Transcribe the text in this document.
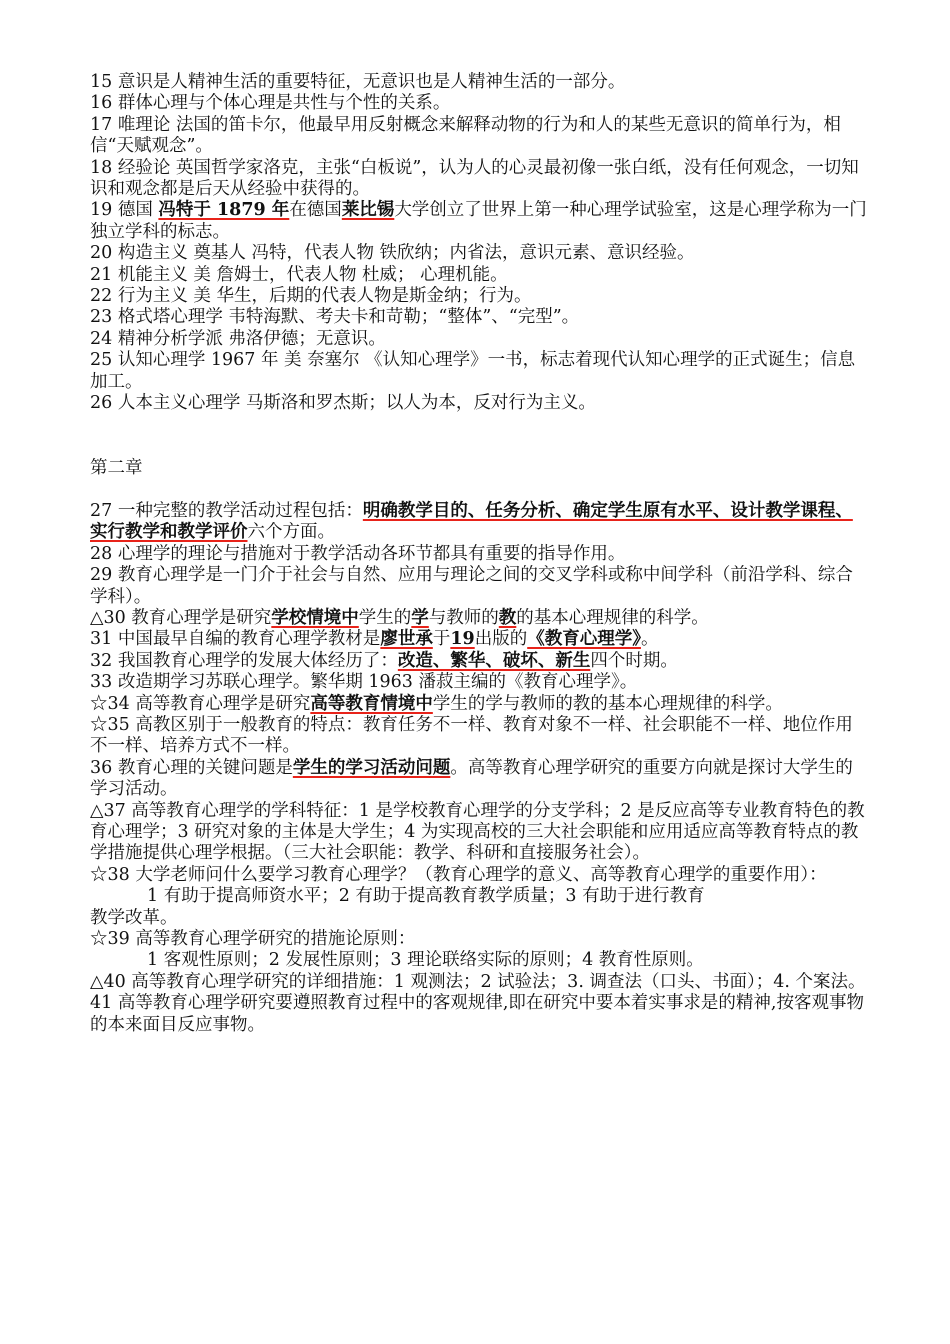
15 意识是人精神生活的重要特征，无意识也是人精神生活的一部分。

16 群体心理与个体心理是共性与个性的关系。

17 唯理论 法国的笛卡尔，他最早用反射概念来解释动物的行为和人的某些无意识的简单行为，相信“天赋观念”。

18 经验论 英国哲学家洛克，主张“白板说”，认为人的心灵最初像一张白纸，没有任何观念，一切知识和观念都是后天从经验中获得的。

19 德国 冯特于 1879 年在德国莱比锡大学创立了世界上第一种心理学试验室，这是心理学称为一门独立学科的标志。

20 构造主义 奠基人 冯特，代表人物 铁欣纳；内省法，意识元素、意识经验。

21 机能主义 美 詹姆士，代表人物 杜威； 心理机能。

22 行为主义 美 华生，后期的代表人物是斯金纳；行为。

23 格式塔心理学 韦特海默、考夫卡和苛勒；“整体”、“完型”。

24 精神分析学派 弗洛伊德；无意识。

25 认知心理学 1967 年 美 奈塞尔 《认知心理学》一书，标志着现代认知心理学的正式诞生；信息加工。

26 人本主义心理学 马斯洛和罗杰斯；以人为本，反对行为主义。

第二章

27 一种完整的教学活动过程包括：明确教学目的、任务分析、确定学生原有水平、设计教学课程、实行教学和教学评价六个方面。

28 心理学的理论与措施对于教学活动各环节都具有重要的指导作用。

29 教育心理学是一门介于社会与自然、应用与理论之间的交叉学科或称中间学科（前沿学科、综合学科）。

△30 教育心理学是研究学校情境中学生的学与教师的教的基本心理规律的科学。

31 中国最早自编的教育心理学教材是廖世承于19出版的《教育心理学》。

32 我国教育心理学的发展大体经历了：改造、繁华、破坏、新生四个时期。

33 改造期学习苏联心理学。繁华期 1963 潘菽主编的《教育心理学》。

☆34 高等教育心理学是研究高等教育情境中学生的学与教师的教的基本心理规律的科学。

☆35 高教区别于一般教育的特点：教育任务不一样、教育对象不一样、社会职能不一样、地位作用不一样、培养方式不一样。

36 教育心理的关键问题是学生的学习活动问题。高等教育心理学研究的重要方向就是探讨大学生的学习活动。

△37 高等教育心理学的学科特征：1 是学校教育心理学的分支学科；2 是反应高等专业教育特色的教育心理学；3 研究对象的主体是大学生；4 为实现高校的三大社会职能和应用适应高等教育特点的教学措施提供心理学根据。（三大社会职能：教学、科研和直接服务社会）。

☆38 大学老师问什么要学习教育心理学？（教育心理学的意义、高等教育心理学的重要作用）：

1 有助于提高师资水平；2 有助于提高教育教学质量；3 有助于进行教育

教学改革。

☆39 高等教育心理学研究的措施论原则：

1 客观性原则；2 发展性原则；3 理论联络实际的原则；4 教育性原则。

△40 高等教育心理学研究的详细措施：1 观测法；2 试验法；3. 调查法（口头、书面）；4. 个案法。

41 高等教育心理学研究要遵照教育过程中的客观规律,即在研究中要本着实事求是的精神,按客观事物的本来面目反应事物。
